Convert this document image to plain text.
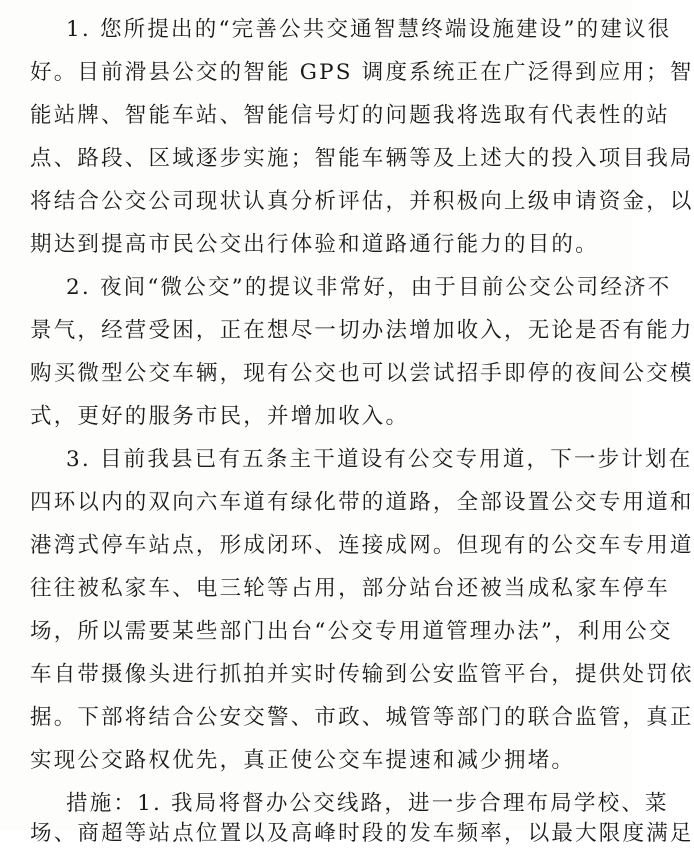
1. 您所提出的“完善公共交通智慧终端设施建设”的建议很
好。目前滑县公交的智能 GPS 调度系统正在广泛得到应用；智
能站牌、智能车站、智能信号灯的问题我将选取有代表性的站
点、路段、区域逐步实施；智能车辆等及上述大的投入项目我局
将结合公交公司现状认真分析评估，并积极向上级申请资金，以
期达到提高市民公交出行体验和道路通行能力的目的。
2. 夜间“微公交”的提议非常好，由于目前公交公司经济不
景气，经营受困，正在想尽一切办法增加收入，无论是否有能力
购买微型公交车辆，现有公交也可以尝试招手即停的夜间公交模
式，更好的服务市民，并增加收入。
3. 目前我县已有五条主干道设有公交专用道，下一步计划在
四环以内的双向六车道有绿化带的道路，全部设置公交专用道和
港湾式停车站点，形成闭环、连接成网。但现有的公交车专用道
往往被私家车、电三轮等占用，部分站台还被当成私家车停车
场，所以需要某些部门出台“公交专用道管理办法”，利用公交
车自带摄像头进行抓拍并实时传输到公安监管平台，提供处罚依
据。下部将结合公安交警、市政、城管等部门的联合监管，真正
实现公交路权优先，真正使公交车提速和减少拥堵。
措施：1. 我局将督办公交线路，进一步合理布局学校、菜
场、商超等站点位置以及高峰时段的发车频率，以最大限度满足
